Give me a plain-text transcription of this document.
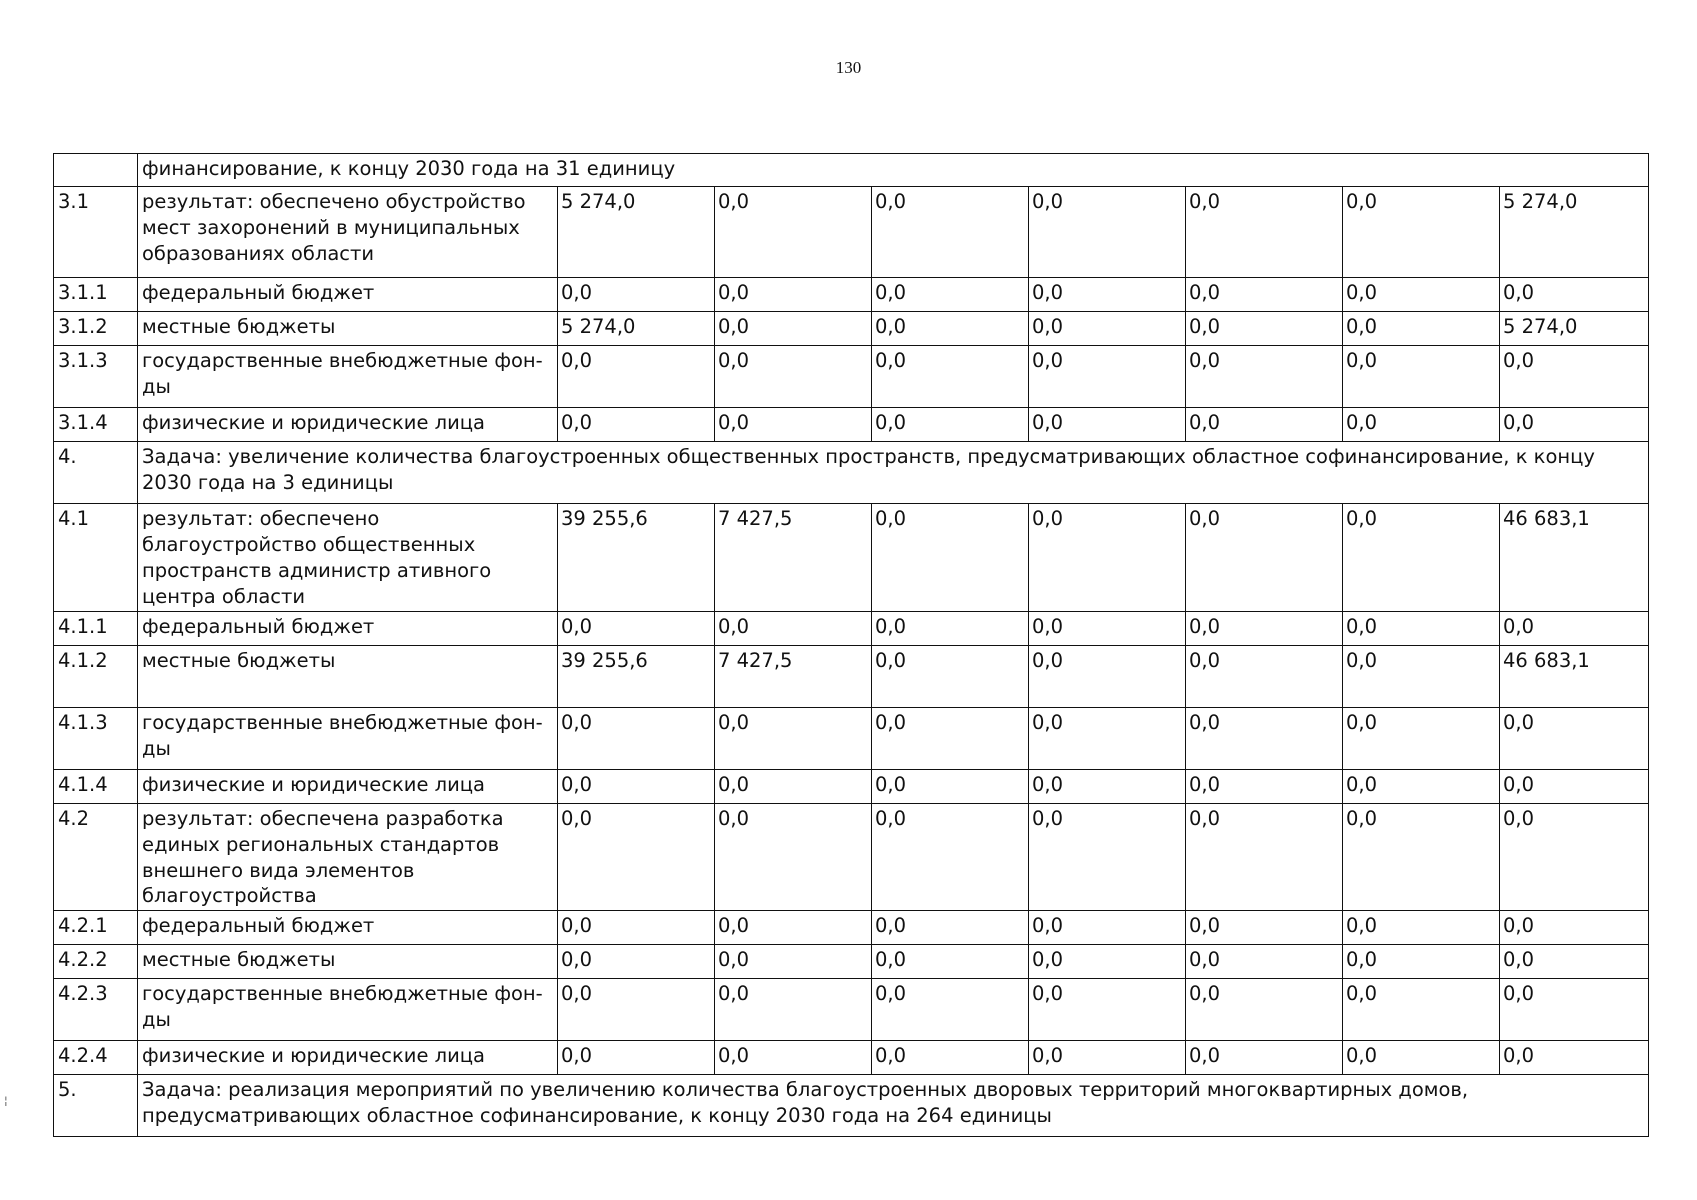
130
	финансирование, к концу 2030 года на 31 единицу							
3.1	результат: обеспечено обустройство мест захоронений в муниципальных образованиях области	5 274,0	0,0	0,0	0,0	0,0	0,0	5 274,0
3.1.1	федеральный бюджет	0,0	0,0	0,0	0,0	0,0	0,0	0,0
3.1.2	местные бюджеты	5 274,0	0,0	0,0	0,0	0,0	0,0	5 274,0
3.1.3	государственные внебюджетные фон-ды	0,0	0,0	0,0	0,0	0,0	0,0	0,0
3.1.4	физические и юридические лица	0,0	0,0	0,0	0,0	0,0	0,0	0,0
4.	Задача: увеличение количества благоустроенных общественных пространств, предусматривающих областное софинансирование, к концу 2030 года на 3 единицы							
4.1	результат: обеспечено благоустройство общественных пространств администр ативного центра области	39 255,6	7 427,5	0,0	0,0	0,0	0,0	46 683,1
4.1.1	федеральный бюджет	0,0	0,0	0,0	0,0	0,0	0,0	0,0
4.1.2	местные бюджеты	39 255,6	7 427,5	0,0	0,0	0,0	0,0	46 683,1
4.1.3	государственные внебюджетные фон-ды	0,0	0,0	0,0	0,0	0,0	0,0	0,0
4.1.4	физические и юридические лица	0,0	0,0	0,0	0,0	0,0	0,0	0,0
4.2	результат: обеспечена разработка единых региональных стандартов внешнего вида элементов благоустройства	0,0	0,0	0,0	0,0	0,0	0,0	0,0
4.2.1	федеральный бюджет	0,0	0,0	0,0	0,0	0,0	0,0	0,0
4.2.2	местные бюджеты	0,0	0,0	0,0	0,0	0,0	0,0	0,0
4.2.3	государственные внебюджетные фон-ды	0,0	0,0	0,0	0,0	0,0	0,0	0,0
4.2.4	физические и юридические лица	0,0	0,0	0,0	0,0	0,0	0,0	0,0
5.	Задача: реализация мероприятий по увеличению количества благоустроенных дворовых территорий многоквартирных домов, предусматривающих областное софинансирование, к концу 2030 года на 264 единицы							
¦
